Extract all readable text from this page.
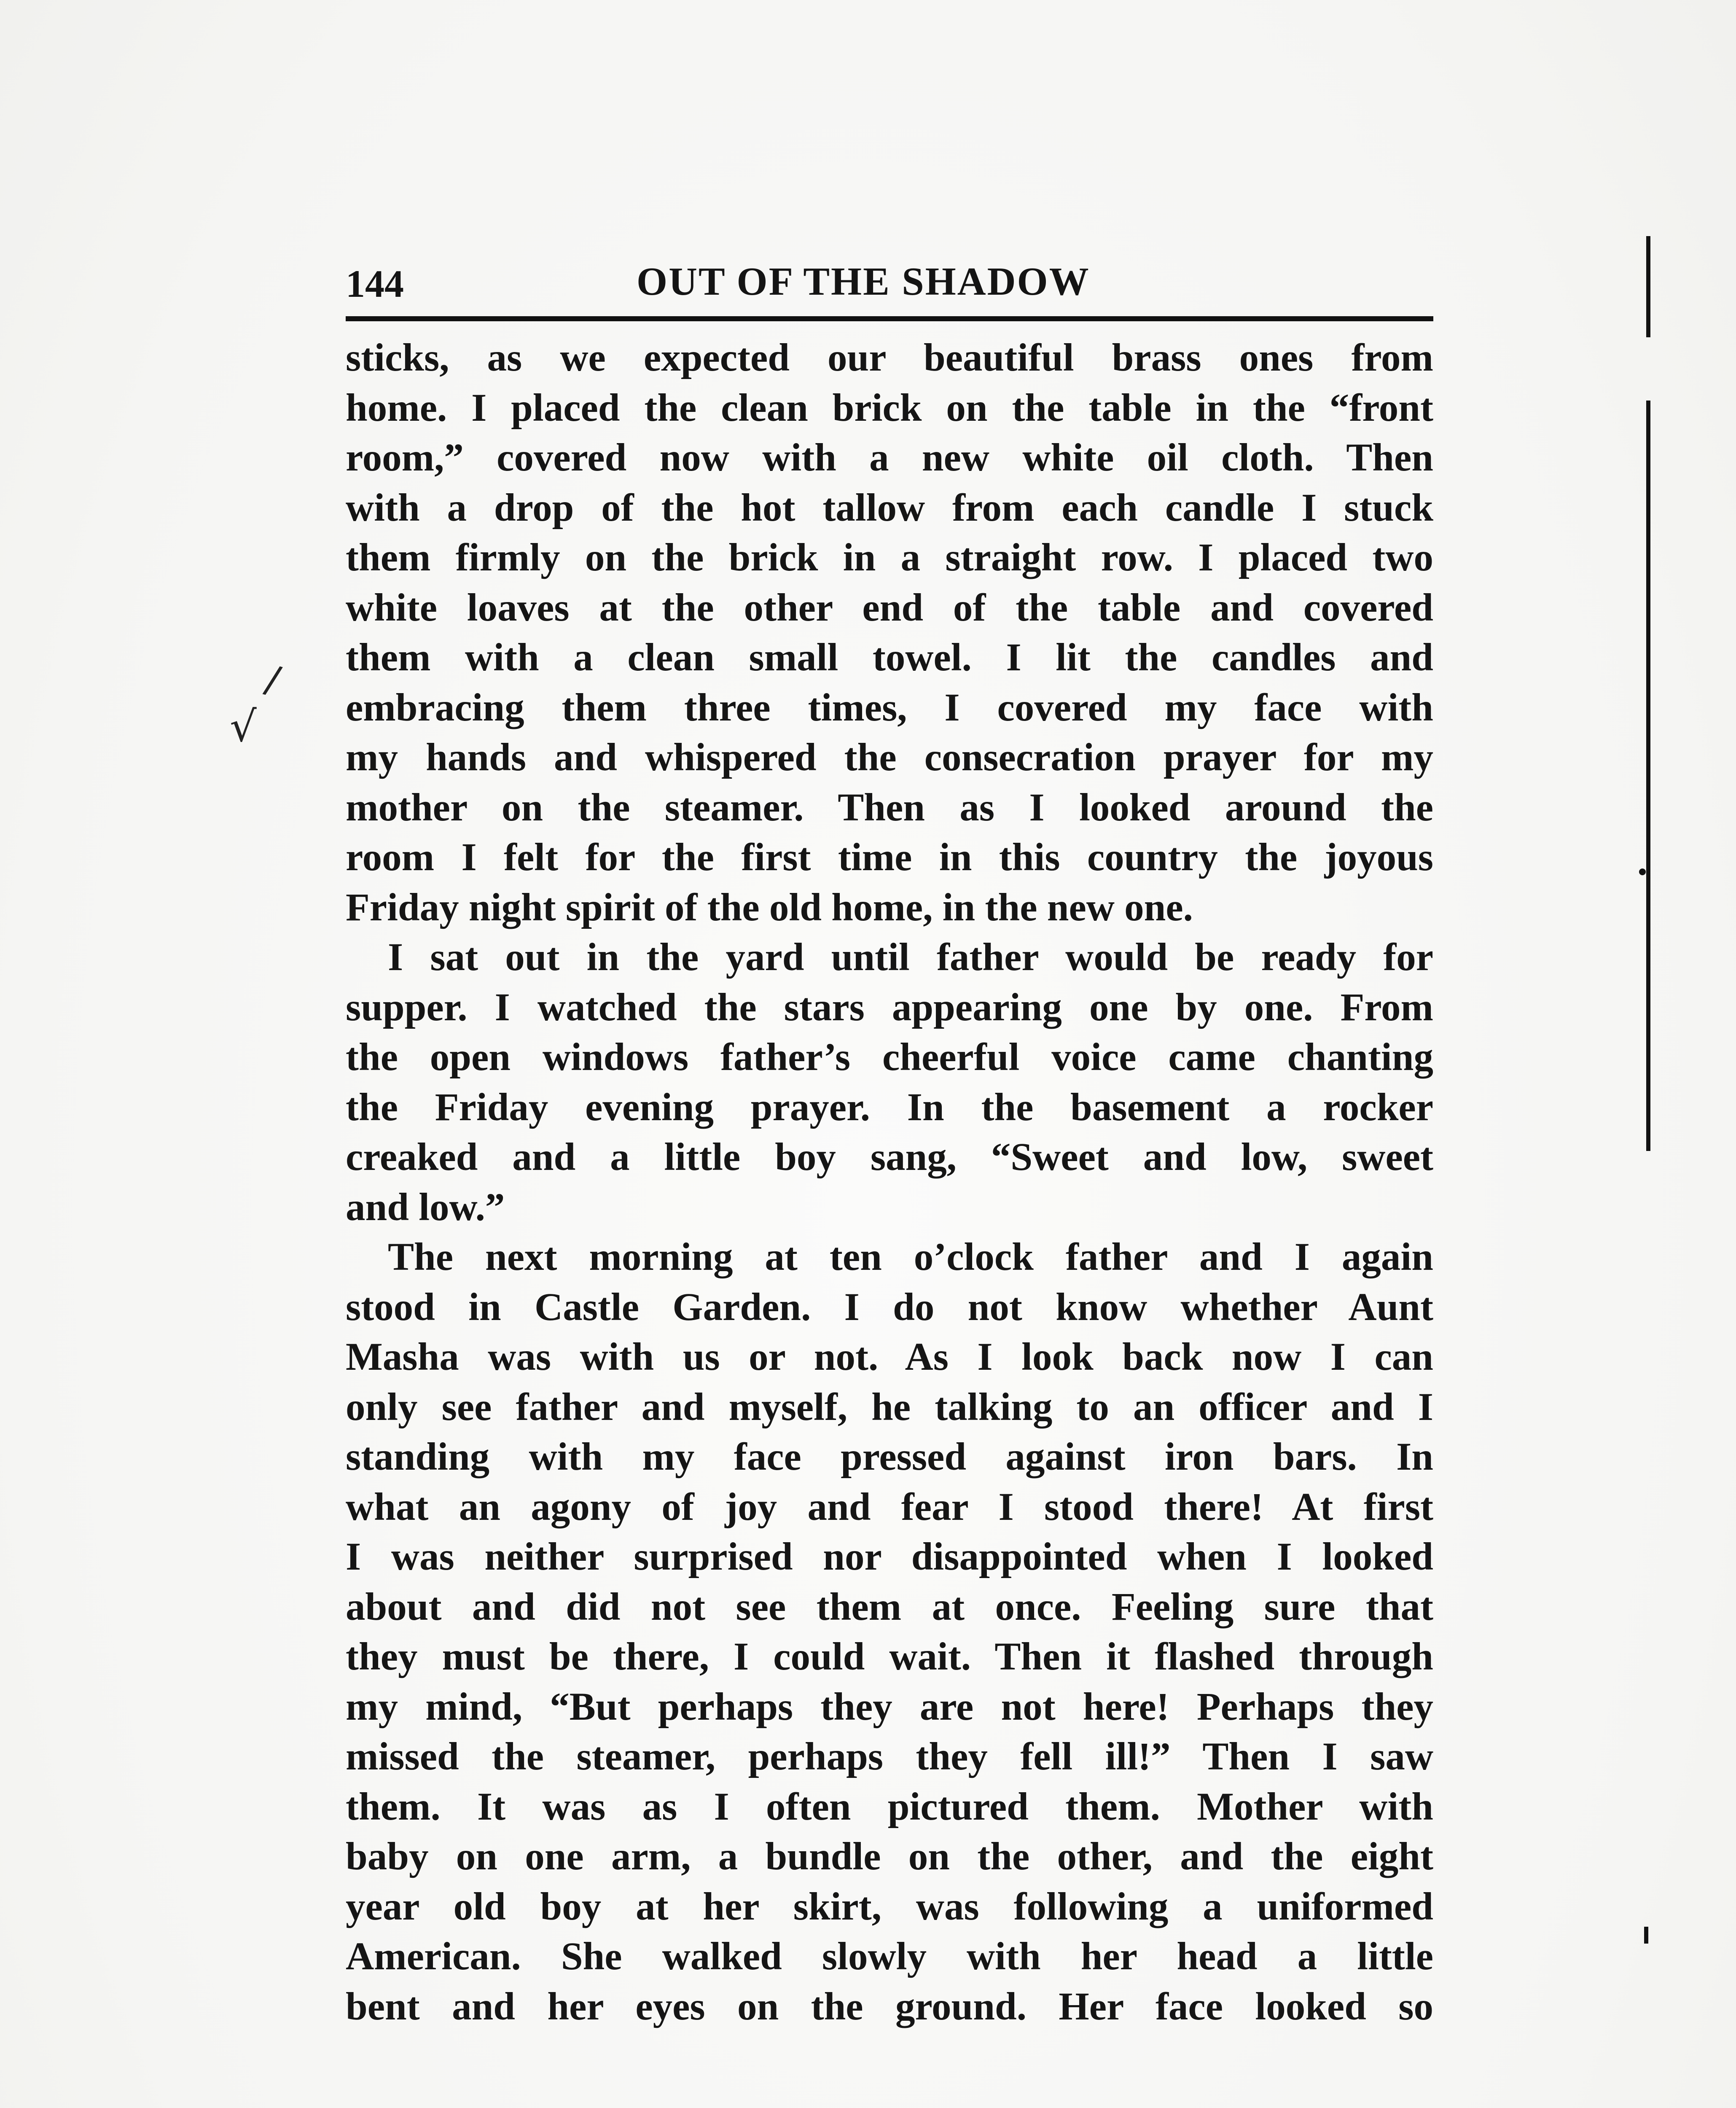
144	OUT OF THE SHADOW
sticks, as we expected our beautiful brass ones from
home. I placed the clean brick on the table in the “front
room,” covered now with a new white oil cloth. Then
with a drop of the hot tallow from each candle I stuck
them firmly on the brick in a straight row. I placed two
white loaves at the other end of the table and covered
them with a clean small towel. I lit the candles and
embracing them three times, I covered my face with
my hands and whispered the consecration prayer for my
mother on the steamer. Then as I looked around the
room I felt for the first time in this country the joyous
Friday night spirit of the old home, in the new one.
I sat out in the yard until father would be ready for
supper. I watched the stars appearing one by one. From
the open windows father’s cheerful voice came chanting
the Friday evening prayer. In the basement a rocker
creaked and a little boy sang, “Sweet and low, sweet
and low.”
The next morning at ten o’clock father and I again
stood in Castle Garden. I do not know whether Aunt
Masha was with us or not. As I look back now I can
only see father and myself, he talking to an officer and I
standing with my face pressed against iron bars. In
what an agony of joy and fear I stood there! At first
I was neither surprised nor disappointed when I looked
about and did not see them at once. Feeling sure that
they must be there, I could wait. Then it flashed through
my mind, “But perhaps they are not here! Perhaps they
missed the steamer, perhaps they fell ill!” Then I saw
them. It was as I often pictured them. Mother with
baby on one arm, a bundle on the other, and the eight
year old boy at her skirt, was following a uniformed
American. She walked slowly with her head a little
bent and her eyes on the ground. Her face looked so
/
√
